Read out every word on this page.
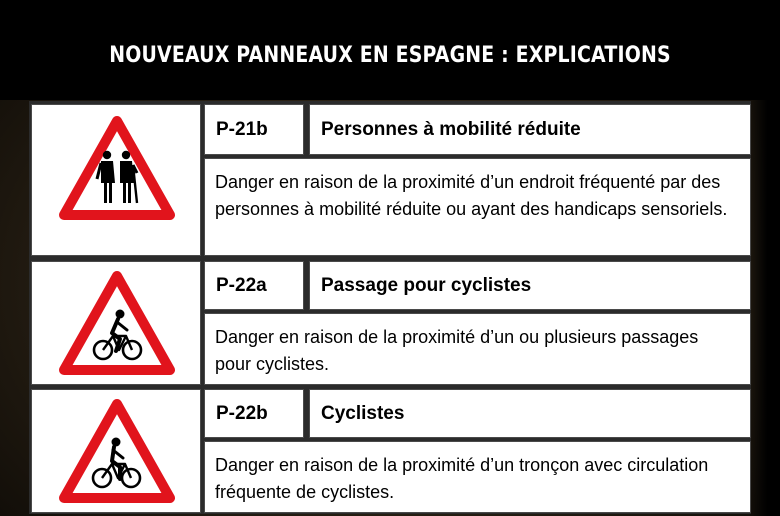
NOUVEAUX PANNEAUX EN ESPAGNE : EXPLICATIONS
P-21b	Personnes à mobilité réduite
Danger en raison de la proximité d’un endroit fréquenté par des personnes à mobilité réduite ou ayant des handicaps sensoriels.
P-22a	Passage pour cyclistes
Danger en raison de la proximité d’un ou plusieurs passages pour cyclistes.
P-22b	Cyclistes
Danger en raison de la proximité d’un tronçon avec circulation fréquente de cyclistes.
